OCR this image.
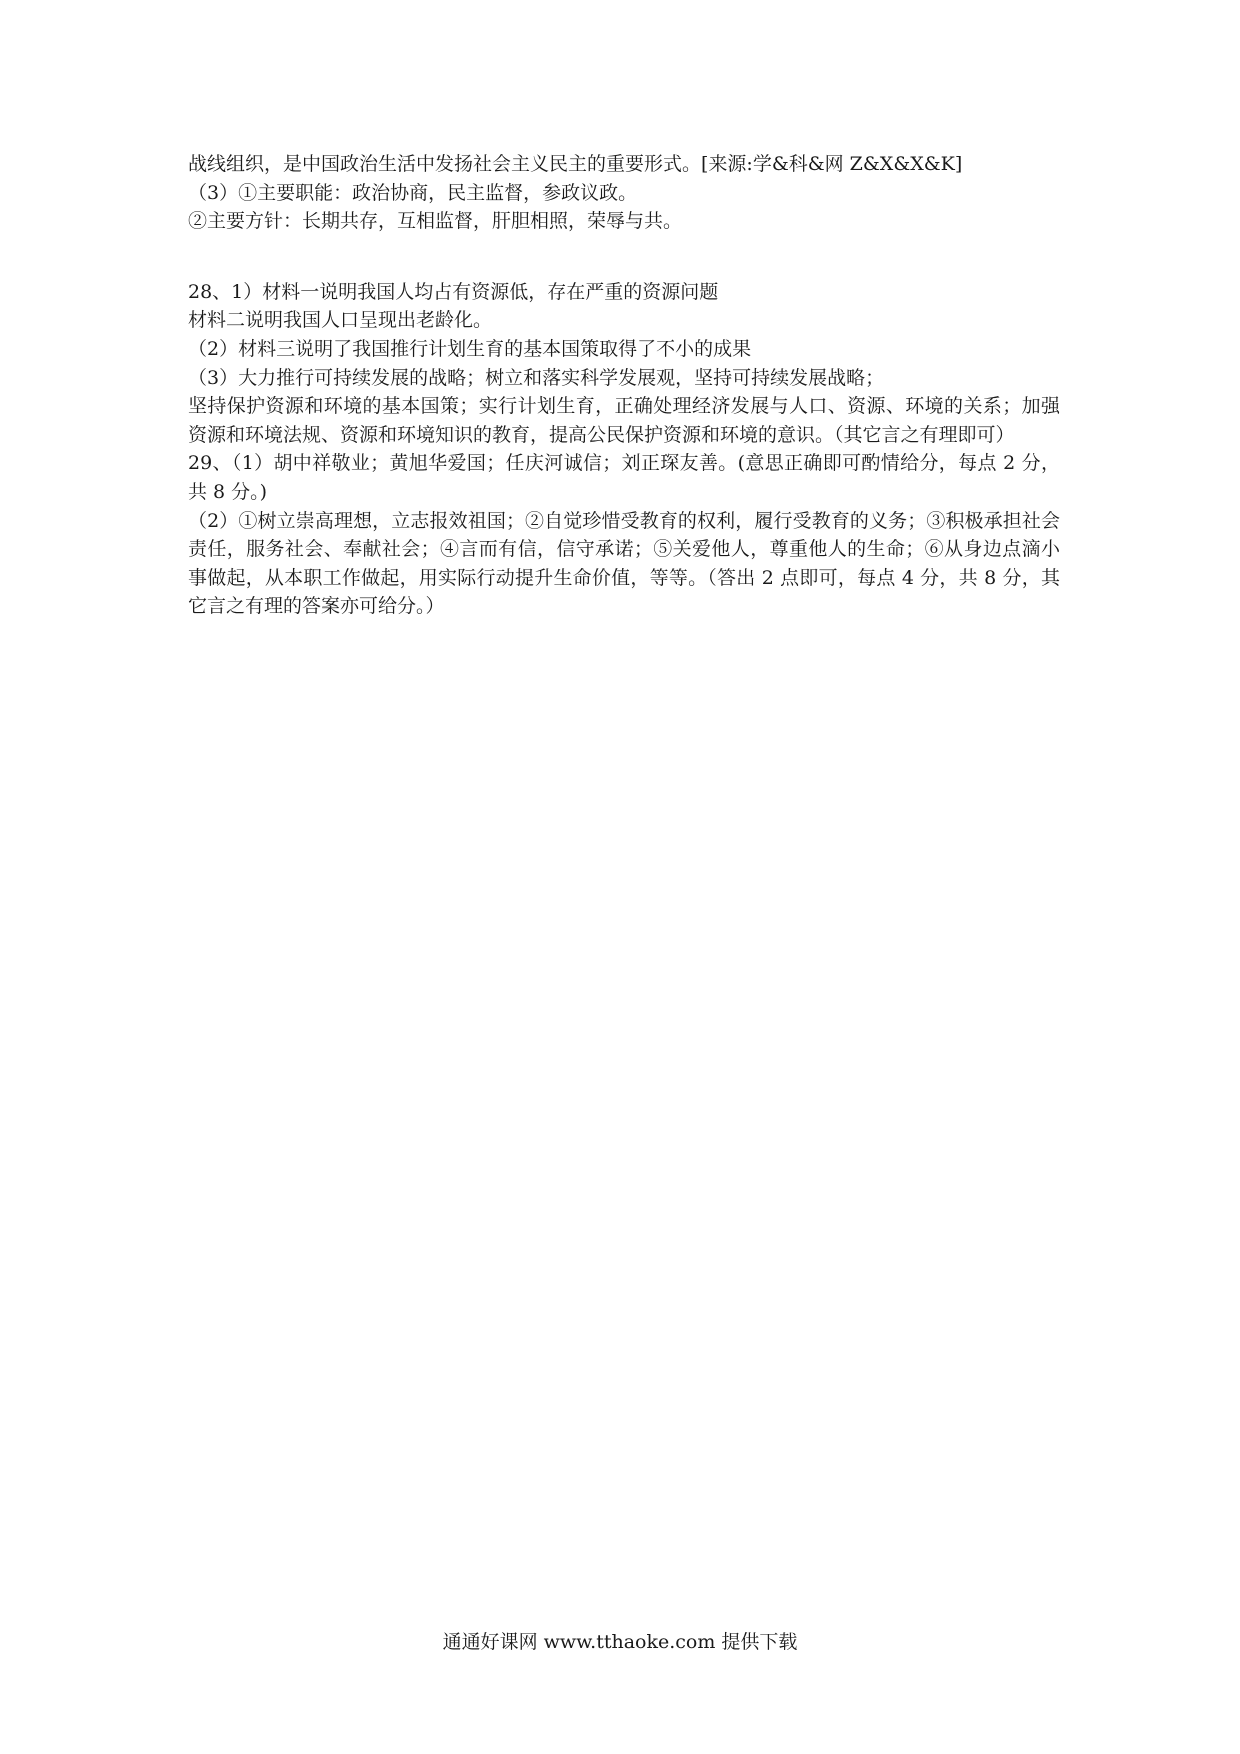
战线组织，是中国政治生活中发扬社会主义民主的重要形式。[来源:学&科&网 Z&X&X&K]
（3）①主要职能：政治协商，民主监督，参政议政。
②主要方针：长期共存，互相监督，肝胆相照，荣辱与共。
28、1）材料一说明我国人均占有资源低，存在严重的资源问题
材料二说明我国人口呈现出老龄化。
（2）材料三说明了我国推行计划生育的基本国策取得了不小的成果
（3）大力推行可持续发展的战略；树立和落实科学发展观，坚持可持续发展战略；
坚持保护资源和环境的基本国策；实行计划生育，正确处理经济发展与人口、资源、环境的关系；加强资源和环境法规、资源和环境知识的教育，提高公民保护资源和环境的意识。（其它言之有理即可）
29、（1）胡中祥敬业；黄旭华爱国；任庆河诚信；刘正琛友善。(意思正确即可酌情给分，每点 2 分，共 8 分。)
（2）①树立崇高理想，立志报效祖国；②自觉珍惜受教育的权利，履行受教育的义务；③积极承担社会责任，服务社会、奉献社会；④言而有信，信守承诺；⑤关爱他人，尊重他人的生命；⑥从身边点滴小事做起，从本职工作做起，用实际行动提升生命价值，等等。（答出 2 点即可，每点 4 分，共 8 分，其它言之有理的答案亦可给分。）
通通好课网 www.tthaoke.com 提供下载
